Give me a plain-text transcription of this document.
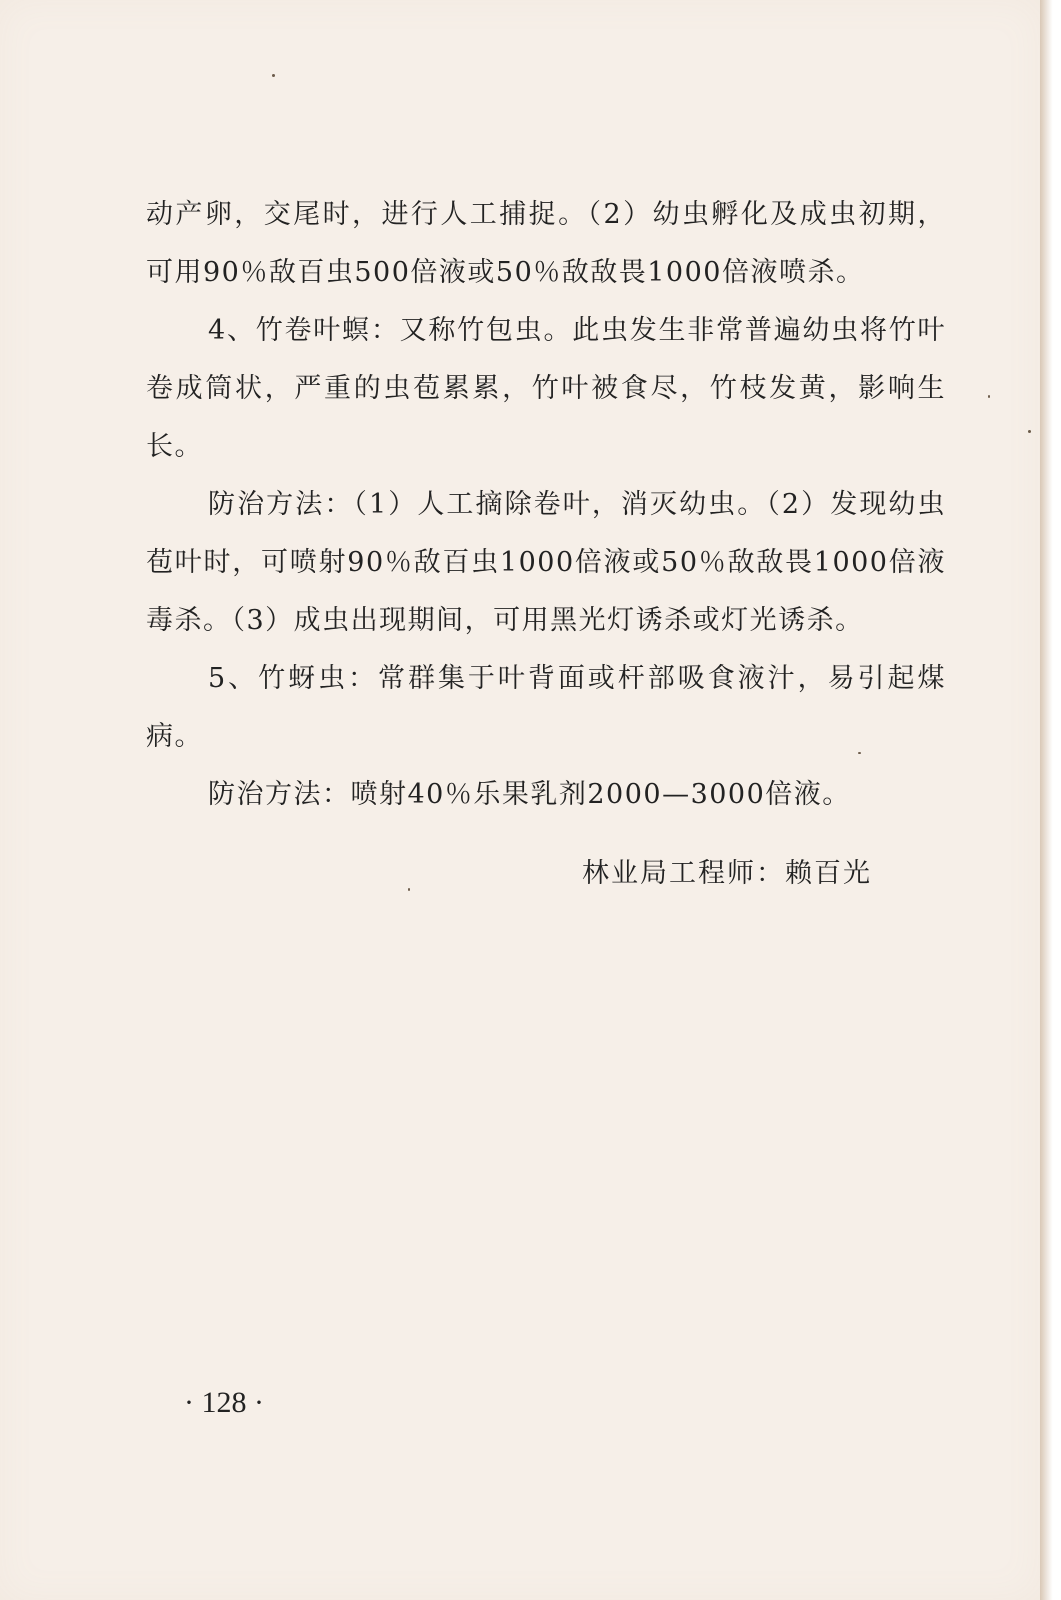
动产卵，交尾时，进行人工捕捉。（2）幼虫孵化及成虫初期，可用90％敌百虫500倍液或50％敌敌畏1000倍液喷杀。

4、竹卷叶螟：又称竹包虫。此虫发生非常普遍幼虫将竹叶卷成筒状，严重的虫苞累累，竹叶被食尽，竹枝发黄，影响生长。

防治方法：（1）人工摘除卷叶，消灭幼虫。（2）发现幼虫苞叶时，可喷射90％敌百虫1000倍液或50％敌敌畏1000倍液毒杀。（3）成虫出现期间，可用黑光灯诱杀或灯光诱杀。

5、竹蚜虫：常群集于叶背面或杆部吸食液汁，易引起煤病。

防治方法：喷射40％乐果乳剂2000—3000倍液。

林业局工程师：赖百光
· 128 ·
